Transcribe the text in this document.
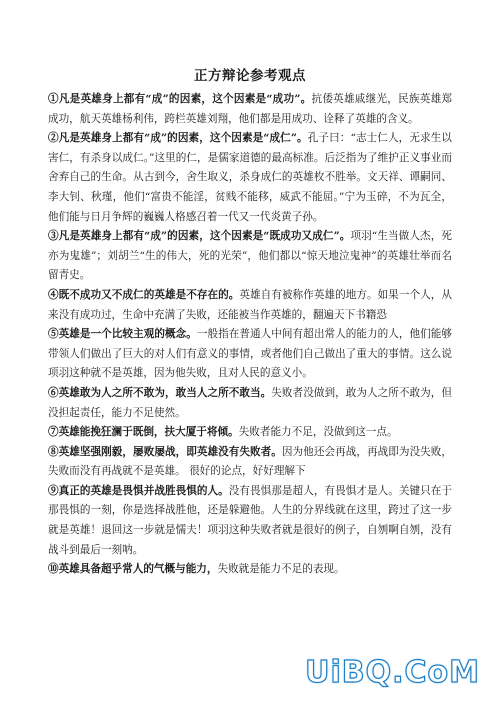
正方辩论参考观点

①凡是英雄身上都有“成”的因素，这个因素是“成功”。抗倭英雄戚继光，民族英雄郑成功，航天英雄杨利伟，跨栏英雄刘翔，他们都是用成功、诠释了英雄的含义。

②凡是英雄身上都有“成”的因素，这个因素是“成仁”。孔子曰：“志士仁人，无求生以害仁，有杀身以成仁。”这里的仁，是儒家道德的最高标准。后泛指为了维护正义事业而舍弃自己的生命。从古到今，舍生取义，杀身成仁的英雄枚不胜举。文天祥、谭嗣同、李大钊、秋瑾，他们“富贵不能淫，贫贱不能移，威武不能屈。”宁为玉碎，不为瓦全，他们能与日月争辉的巍巍人格感召着一代又一代炎黄子孙。

③凡是英雄身上都有“成”的因素，这个因素是“既成功又成仁”。项羽“生当做人杰，死亦为鬼雄”；刘胡兰“生的伟大，死的光荣”，他们都以“惊天地泣鬼神”的英雄壮举而名留青史。

④既不成功又不成仁的英雄是不存在的。英雄自有被称作英雄的地方。如果一个人，从来没有成功过，生命中充满了失败，还能被当作英雄的，翻遍天下书籍恐

⑤英雄是一个比较主观的概念。一般指在普通人中间有超出常人的能力的人，他们能够带领人们做出了巨大的对人们有意义的事情，或者他们自己做出了重大的事情。这么说项羽这种就不是英雄，因为他失败，且对人民的意义小。

⑥英雄敢为人之所不敢为，敢当人之所不敢当。失败者没做到，敢为人之所不敢为，但没担起责任，能力不足使然。

⑦英雄能挽狂澜于既倒，扶大厦于将倾。失败者能力不足，没做到这一点。

⑧英雄坚强刚毅，屡败屡战，即英雄没有失败者。因为他还会再战，再战即为没失败，失败而没有再战就不是英雄。 很好的论点，好好理解下

⑨真正的英雄是畏惧并战胜畏惧的人。没有畏惧那是超人，有畏惧才是人。关键只在于那畏惧的一刻，你是选择战胜他，还是躲避他。人生的分界线就在这里，跨过了这一步就是英雄！退回这一步就是懦夫！项羽这种失败者就是很好的例子，自刎啊自刎，没有战斗到最后一刻呐。

⑩英雄具备超乎常人的气概与能力，失败就是能力不足的表现。

UiBQ.CoM
